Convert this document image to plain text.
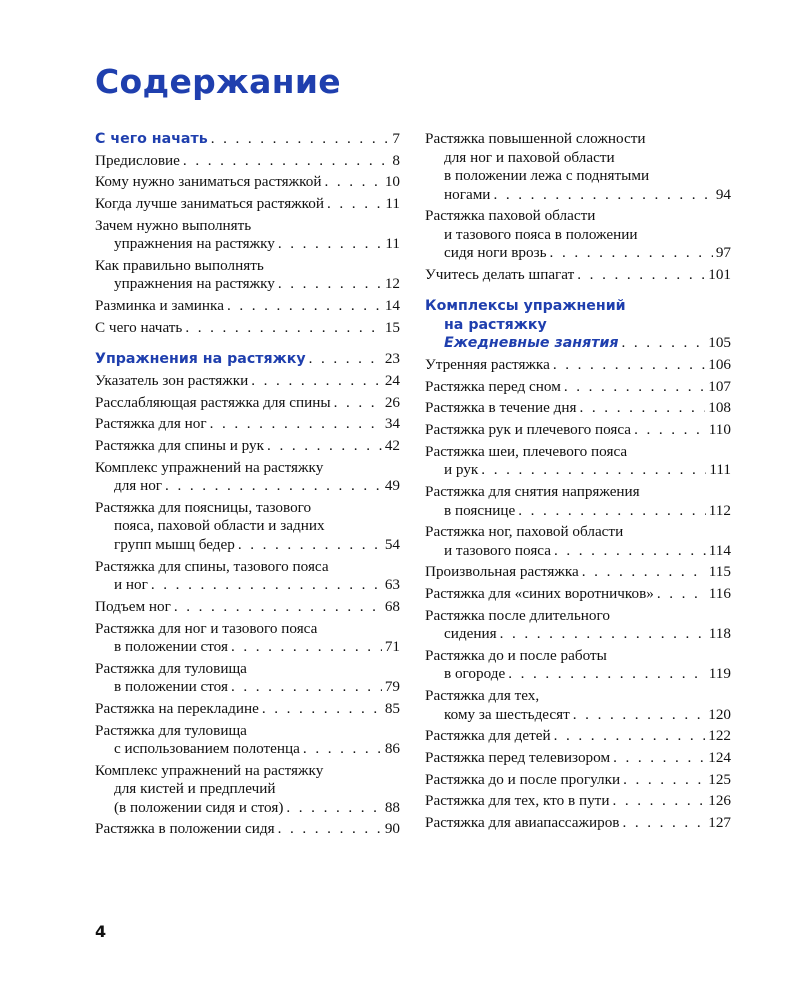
Содержание
С чего начать . . .	7
Предисловие . . .	8
Кому нужно заниматься растяжкой . . .	10
Когда лучше заниматься растяжкой . . .	11
Зачем нужно выполнять
упражнения на растяжку . . .	11
Как правильно выполнять
упражнения на растяжку . . .	12
Разминка и заминка . . .	14
С чего начать . . .	15
Упражнения на растяжку . . .	23
Указатель зон растяжки . . .	24
Расслабляющая растяжка для спины . . .	26
Растяжка для ног . . .	34
Растяжка для спины и рук . . .	42
Комплекс упражнений на растяжку
для ног . . .	49
Растяжка для поясницы, тазового
пояса, паховой области и задних
групп мышц бедер . . .	54
Растяжка для спины, тазового пояса
и ног . . .	63
Подъем ног . . .	68
Растяжка для ног и тазового пояса
в положении стоя . . .	71
Растяжка для туловища
в положении стоя . . .	79
Растяжка на перекладине . . .	85
Растяжка для туловища
с использованием полотенца . . .	86
Комплекс упражнений на растяжку
для кистей и предплечий
(в положении сидя и стоя) . . .	88
Растяжка в положении сидя . . .	90
Растяжка повышенной сложности
для ног и паховой области
в положении лежа с поднятыми
ногами . . .	94
Растяжка паховой области
и тазового пояса в положении
сидя ноги врозь . . .	97
Учитесь делать шпагат . . .	101
Комплексы упражнений
на растяжку
Ежедневные занятия . . .	105
Утренняя растяжка . . .	106
Растяжка перед сном . . .	107
Растяжка в течение дня . . .	108
Растяжка рук и плечевого пояса . . .	110
Растяжка шеи, плечевого пояса
и рук . . .	111
Растяжка для снятия напряжения
в пояснице . . .	112
Растяжка ног, паховой области
и тазового пояса . . .	114
Произвольная растяжка . . .	115
Растяжка для «синих воротничков» . . .	116
Растяжка после длительного
сидения . . .	118
Растяжка до и после работы
в огороде . . .	119
Растяжка для тех,
кому за шестьдесят . . .	120
Растяжка для детей . . .	122
Растяжка перед телевизором . . .	124
Растяжка до и после прогулки . . .	125
Растяжка для тех, кто в пути . . .	126
Растяжка для авиапассажиров . . .	127
4
